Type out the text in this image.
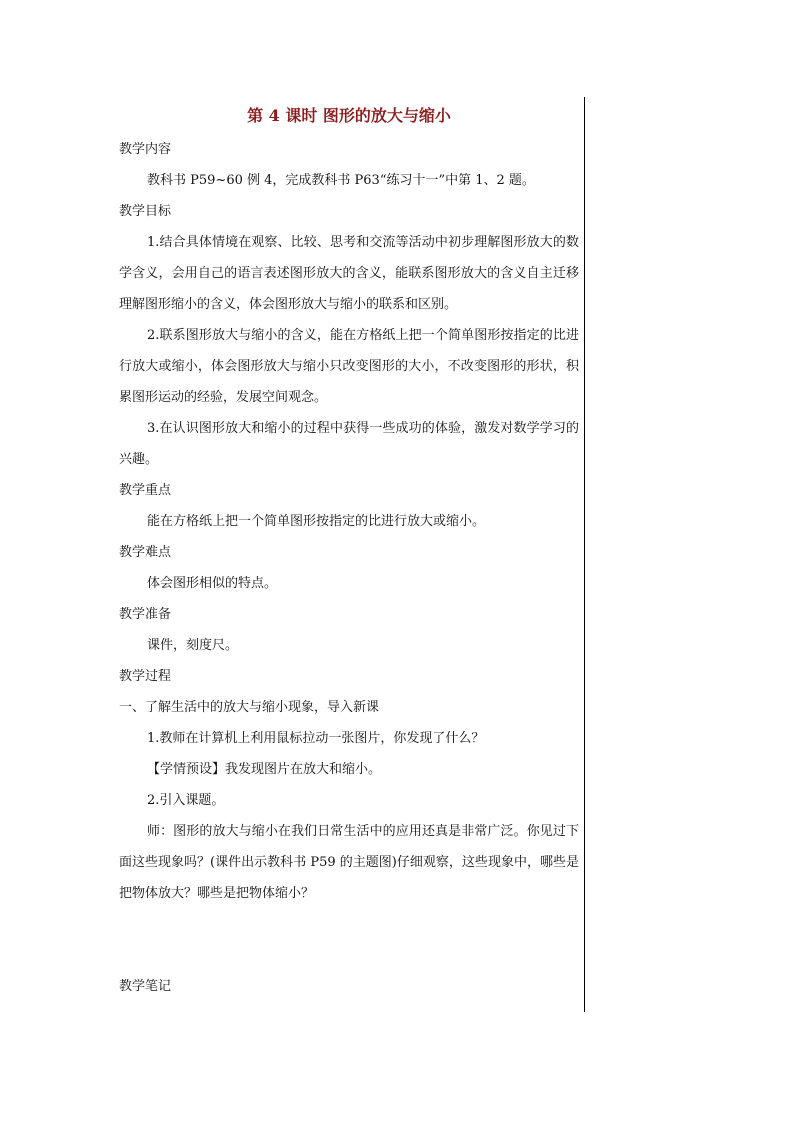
第 4 课时 图形的放大与缩小
教学内容
教科书 P59~60 例 4，完成教科书 P63“练习十一”中第 1、2 题。
教学目标

1.结合具体情境在观察、比较、思考和交流等活动中初步理解图形放大的数学含义，会用自己的语言表述图形放大的含义，能联系图形放大的含义自主迁移理解图形缩小的含义，体会图形放大与缩小的联系和区别。

2.联系图形放大与缩小的含义，能在方格纸上把一个简单图形按指定的比进行放大或缩小，体会图形放大与缩小只改变图形的大小，不改变图形的形状，积累图形运动的经验，发展空间观念。

3.在认识图形放大和缩小的过程中获得一些成功的体验，激发对数学学习的兴趣。

教学重点
能在方格纸上把一个简单图形按指定的比进行放大或缩小。
教学难点
体会图形相似的特点。
教学准备
课件，刻度尺。
教学过程
一、了解生活中的放大与缩小现象，导入新课
1.教师在计算机上利用鼠标拉动一张图片，你发现了什么？
【学情预设】我发现图片在放大和缩小。
2.引入课题。

师：图形的放大与缩小在我们日常生活中的应用还真是非常广泛。你见过下面这些现象吗？(课件出示教科书 P59 的主题图)仔细观察，这些现象中，哪些是把物体放大？哪些是把物体缩小？

教学笔记
